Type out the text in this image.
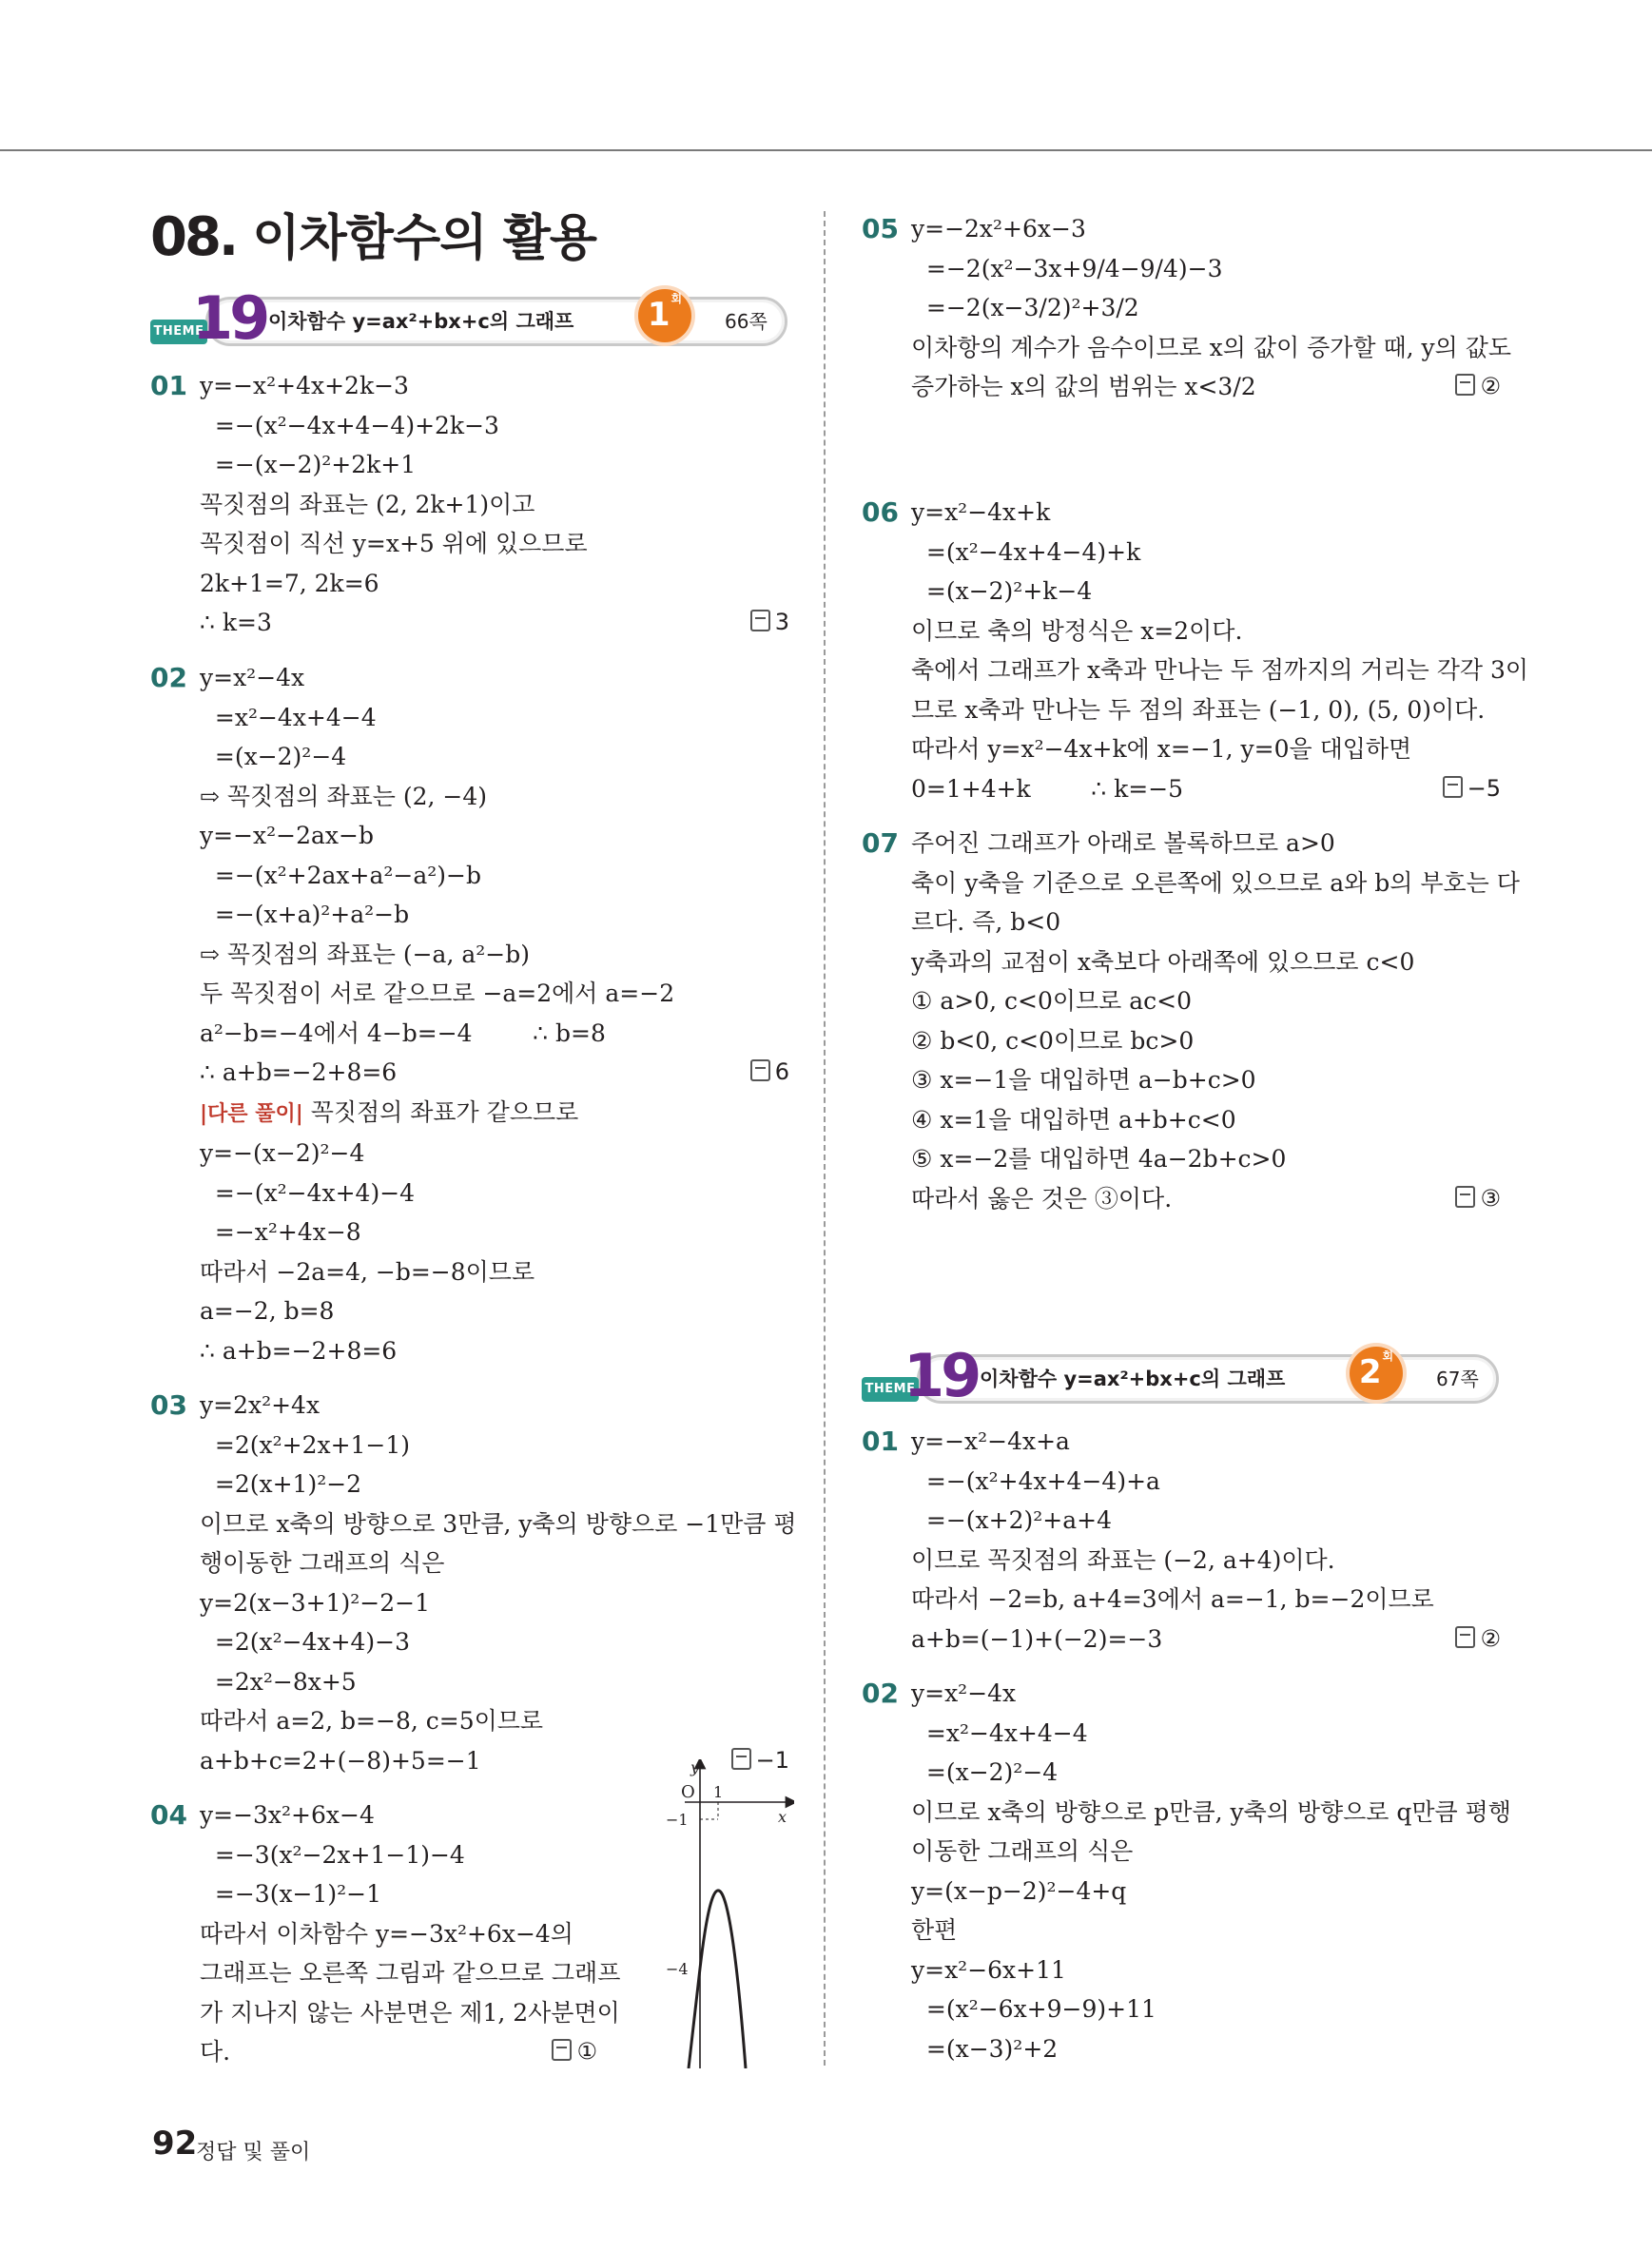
08. 이차함수의 활용
THEME
19 이차함수 y=ax²+bx+c의 그래프 $1^회$
66쪽
THEME
19 이차함수 y=ax²+bx+c의 그래프 $2^회$
67쪽
01 y=−x²+4x+2k−3
=−(x²−4x+4−4)+2k−3
=−(x−2)²+2k+1
꼭짓점의 좌표는 (2, 2k+1)이고
꼭짓점이 직선 y=x+5 위에 있으므로
2k+1=7, 2k=6
∴ k=3	3
02 y=x²−4x
=x²−4x+4−4
=(x−2)²−4
⇨ 꼭짓점의 좌표는 (2, −4)
y=−x²−2ax−b
=−(x²+2ax+a²−a²)−b
=−(x+a)²+a²−b
⇨ 꼭짓점의 좌표는 (−a, a²−b)
두 꼭짓점이 서로 같으므로 −a=2에서 a=−2
a²−b=−4에서 4−b=−4        ∴ b=8
∴ a+b=−2+8=6	6
|다른 풀이| 꼭짓점의 좌표가 같으므로
y=−(x−2)²−4
=−(x²−4x+4)−4
=−x²+4x−8
따라서 −2a=4, −b=−8이므로
a=−2, b=8
∴ a+b=−2+8=6
03 y=2x²+4x
=2(x²+2x+1−1)
=2(x+1)²−2
이므로 x축의 방향으로 3만큼, y축의 방향으로 −1만큼 평
행이동한 그래프의 식은
y=2(x−3+1)²−2−1
=2(x²−4x+4)−3
=2x²−8x+5
따라서 a=2, b=−8, c=5이므로
a+b+c=2+(−8)+5=−1	−1
04 y=−3x²+6x−4
=−3(x²−2x+1−1)−4
=−3(x−1)²−1
따라서 이차함수 y=−3x²+6x−4의
그래프는 오른쪽 그림과 같으므로 그래프
가 지나지 않는 사분면은 제1, 2사분면이
다.	①
05 y=−2x²+6x−3
=−2(x²−3x+9/4−9/4)−3
=−2(x−3/2)²+3/2
이차항의 계수가 음수이므로 x의 값이 증가할 때, y의 값도
증가하는 x의 값의 범위는 x<3/2	②
06 y=x²−4x+k
=(x²−4x+4−4)+k
=(x−2)²+k−4
이므로 축의 방정식은 x=2이다.
축에서 그래프가 x축과 만나는 두 점까지의 거리는 각각 3이
므로 x축과 만나는 두 점의 좌표는 (−1, 0), (5, 0)이다.
따라서 y=x²−4x+k에 x=−1, y=0을 대입하면
0=1+4+k        ∴ k=−5	−5
07 주어진 그래프가 아래로 볼록하므로 a>0
축이 y축을 기준으로 오른쪽에 있으므로 a와 b의 부호는 다
르다. 즉, b<0
y축과의 교점이 x축보다 아래쪽에 있으므로 c<0
① a>0, c<0이므로 ac<0
② b<0, c<0이므로 bc>0
③ x=−1을 대입하면 a−b+c>0
④ x=1을 대입하면 a+b+c<0
⑤ x=−2를 대입하면 4a−2b+c>0
따라서 옳은 것은 ③이다.	③
01 y=−x²−4x+a
=−(x²+4x+4−4)+a
=−(x+2)²+a+4
이므로 꼭짓점의 좌표는 (−2, a+4)이다.
따라서 −2=b, a+4=3에서 a=−1, b=−2이므로
a+b=(−1)+(−2)=−3	②
02 y=x²−4x
=x²−4x+4−4
=(x−2)²−4
이므로 x축의 방향으로 p만큼, y축의 방향으로 q만큼 평행
이동한 그래프의 식은
y=(x−p−2)²−4+q
한편
y=x²−6x+11
=(x²−6x+9−9)+11
=(x−3)²+2
y
x
O 1
−1
−4
92
정답 및 풀이
